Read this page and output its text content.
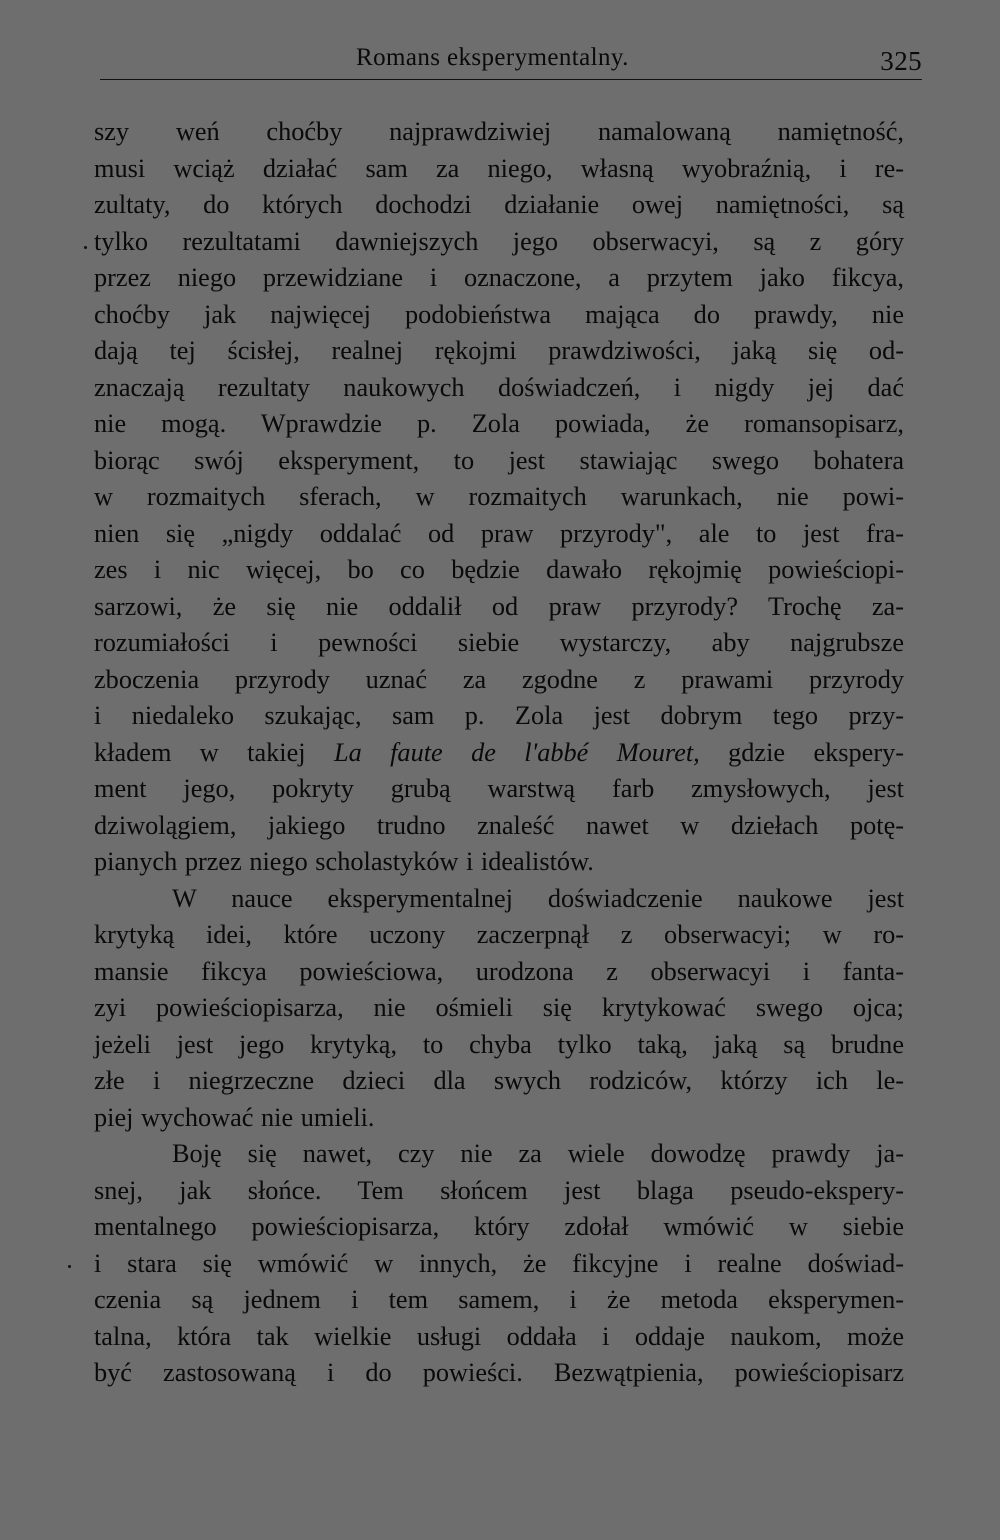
Romans eksperymentalny.	325
szy weń choćby najprawdziwiej namalowaną namiętność,
musi wciąż działać sam za niego, własną wyobraźnią, i re-
zultaty, do których dochodzi działanie owej namiętności, są
tylko rezultatami dawniejszych jego obserwacyi, są z góry
przez niego przewidziane i oznaczone, a przytem jako fikcya,
choćby jak najwięcej podobieństwa mająca do prawdy, nie
dają tej ścisłej, realnej rękojmi prawdziwości, jaką się od-
znaczają rezultaty naukowych doświadczeń, i nigdy jej dać
nie mogą. Wprawdzie p. Zola powiada, że romansopisarz,
biorąc swój eksperyment, to jest stawiając swego bohatera
w rozmaitych sferach, w rozmaitych warunkach, nie powi-
nien się „nigdy oddalać od praw przyrody", ale to jest fra-
zes i nic więcej, bo co będzie dawało rękojmię powieściopi-
sarzowi, że się nie oddalił od praw przyrody? Trochę za-
rozumiałości i pewności siebie wystarczy, aby najgrubsze
zboczenia przyrody uznać za zgodne z prawami przyrody
i niedaleko szukając, sam p. Zola jest dobrym tego przy-
kładem w takiej La faute de l'abbé Mouret, gdzie ekspery-
ment jego, pokryty grubą warstwą farb zmysłowych, jest
dziwolągiem, jakiego trudno znaleść nawet w dziełach potę-
pianych przez niego scholastyków i idealistów.
W nauce eksperymentalnej doświadczenie naukowe jest
krytyką idei, które uczony zaczerpnął z obserwacyi; w ro-
mansie fikcya powieściowa, urodzona z obserwacyi i fanta-
zyi powieściopisarza, nie ośmieli się krytykować swego ojca;
jeżeli jest jego krytyką, to chyba tylko taką, jaką są brudne
złe i niegrzeczne dzieci dla swych rodziców, którzy ich le-
piej wychować nie umieli.
Boję się nawet, czy nie za wiele dowodzę prawdy ja-
snej, jak słońce. Tem słońcem jest blaga pseudo-ekspery-
mentalnego powieściopisarza, który zdołał wmówić w siebie
i stara się wmówić w innych, że fikcyjne i realne doświad-
czenia są jednem i tem samem, i że metoda eksperymen-
talna, która tak wielkie usługi oddała i oddaje naukom, może
być zastosowaną i do powieści. Bezwątpienia, powieściopisarz
